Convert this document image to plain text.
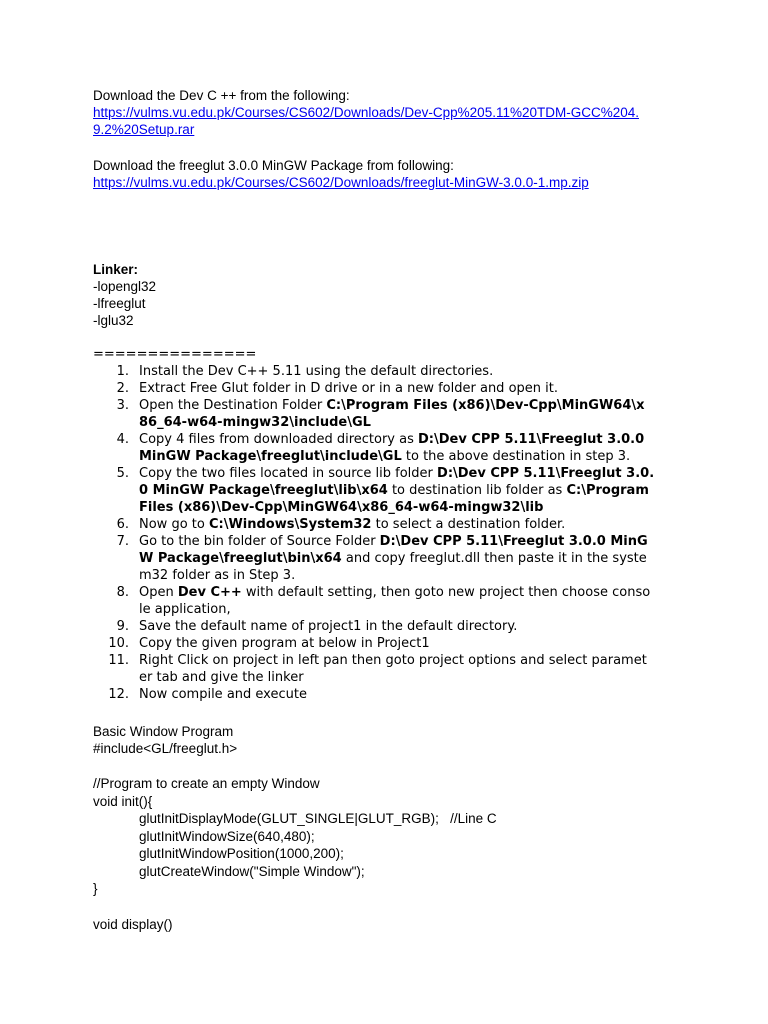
Download the Dev C ++ from the following:
https://vulms.vu.edu.pk/Courses/CS602/Downloads/Dev-Cpp%205.11%20TDM-GCC%204.
9.2%20Setup.rar
Download the freeglut 3.0.0 MinGW Package from following:
https://vulms.vu.edu.pk/Courses/CS602/Downloads/freeglut-MinGW-3.0.0-1.mp.zip
Linker:
-lopengl32
-lfreeglut
-lglu32
===============
1. Install the Dev C++ 5.11 using the default directories.
2. Extract Free Glut folder in D drive or in a new folder and open it.
3. Open the Destination Folder C:\Program Files (x86)\Dev-Cpp\MinGW64\x
86_64-w64-mingw32\include\GL
4. Copy 4 files from downloaded directory as D:\Dev CPP 5.11\Freeglut 3.0.0
MinGW Package\freeglut\include\GL to the above destination in step 3.
5. Copy the two files located in source lib folder D:\Dev CPP 5.11\Freeglut 3.0.
0 MinGW Package\freeglut\lib\x64 to destination lib folder as C:\Program
Files (x86)\Dev-Cpp\MinGW64\x86_64-w64-mingw32\lib
6. Now go to C:\Windows\System32 to select a destination folder.
7. Go to the bin folder of Source Folder D:\Dev CPP 5.11\Freeglut 3.0.0 MinG
W Package\freeglut\bin\x64 and copy freeglut.dll then paste it in the syste
m32 folder as in Step 3.
8. Open Dev C++ with default setting, then goto new project then choose conso
le application,
9. Save the default name of project1 in the default directory.
10. Copy the given program at below in Project1
11. Right Click on project in left pan then goto project options and select paramet
er tab and give the linker
12. Now compile and execute
Basic Window Program
#include<GL/freeglut.h>
//Program to create an empty Window
void init(){
glutInitDisplayMode(GLUT_SINGLE|GLUT_RGB);   //Line C
glutInitWindowSize(640,480);
glutInitWindowPosition(1000,200);
glutCreateWindow("Simple Window");
}
void display()
